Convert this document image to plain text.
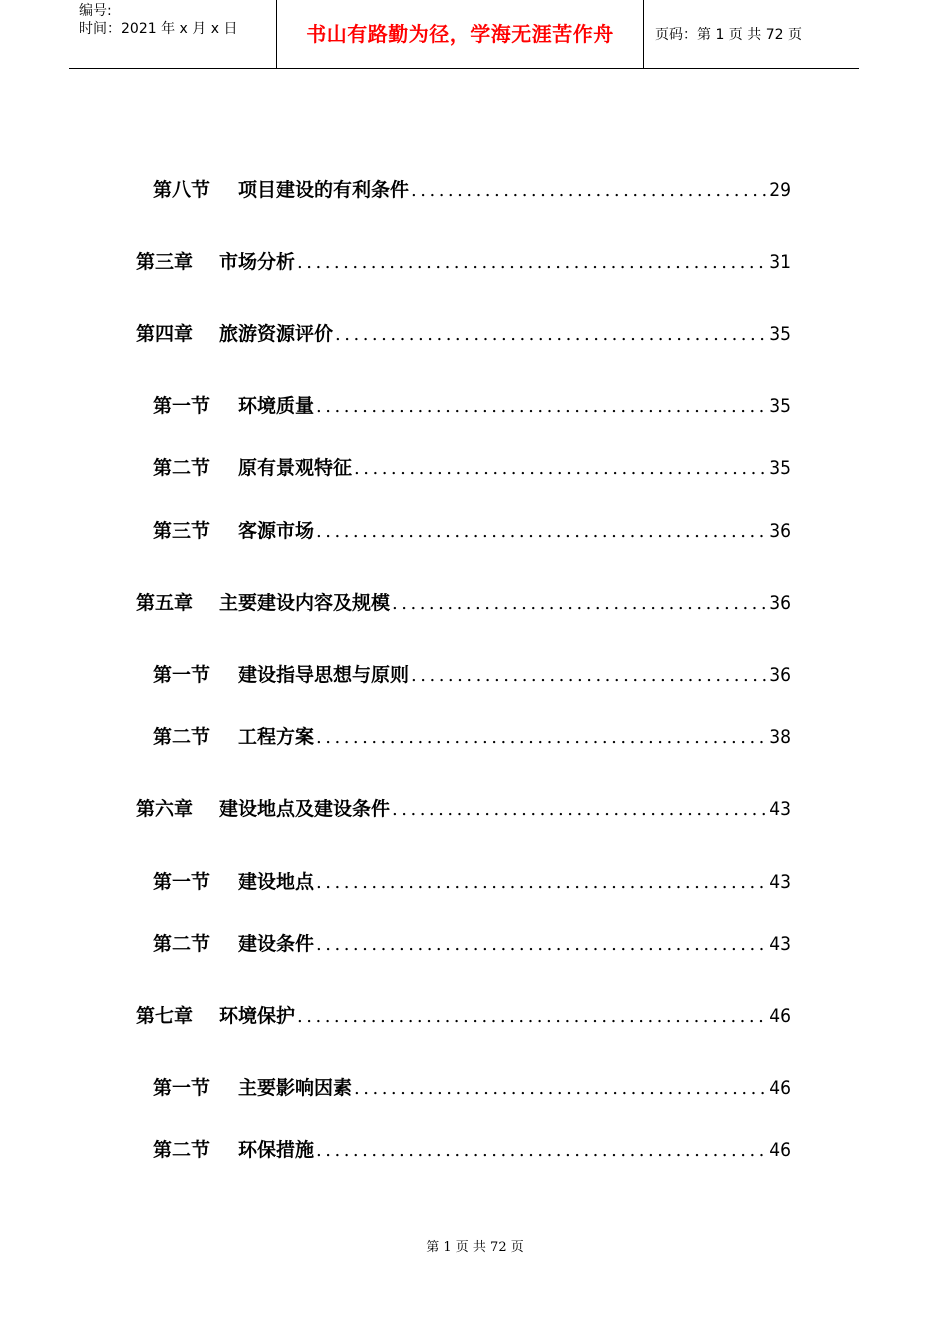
编号:
时间：2021 年 x 月 x 日	书山有路勤为径，学海无涯苦作舟	页码：第 1 页 共 72 页
第八节 项目建设的有利条件 .....	29
第三章 市场分析 .....	31
第四章 旅游资源评价 .....	35
第一节 环境质量 .....	35
第二节 原有景观特征 .....	35
第三节 客源市场 .....	36
第五章 主要建设内容及规模 .....	36
第一节 建设指导思想与原则 .....	36
第二节 工程方案 .....	38
第六章 建设地点及建设条件 .....	43
第一节 建设地点 .....	43
第二节 建设条件 .....	43
第七章 环境保护 .....	46
第一节 主要影响因素 .....	46
第二节 环保措施 .....	46
第 1 页 共 72 页
